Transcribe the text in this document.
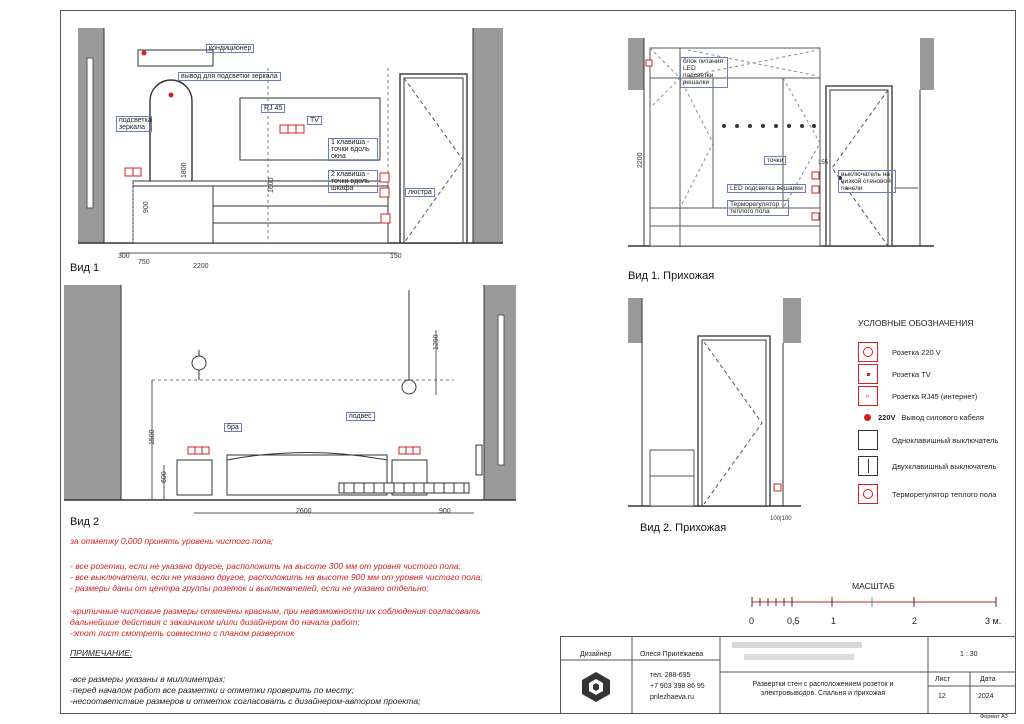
300
750
2200
150
900
1800
1600
кондиционер
вывод для подсветки зеркала
подсветка зеркала
RJ 45
TV
1 клавиша - точки вдоль окна
2 клавиша - точки вдоль шкафа
люстра
Вид 1
1500
600
1290
2600	900
бра
подвес
Вид 2
2200	155
блок питания LED подсветки вешалки
точки
LED подсветка вешалки
Терморегулятор теплого пола
выключатель на низкой стеновой панели
Вид 1. Прихожая
100|100
Вид 2. Прихожая
УСЛОВНЫЕ ОБОЗНАЧЕНИЯ
Розетка 220 V
Розетка TV
▹	Розетка RJ45 (интернет)
220V Вывод силового кабеля
Одноклавишный выключатель
Двухклавишный выключатель
Терморегулятор теплого пола
МАСШТАБ
0	0,5	1	2	3 м.
за отметку 0,000 принять уровень чистого пола;
- все розетки, если не указано другое, расположить на высоте 300 мм от уровня чистого пола;
- все выключатели, если не указано другое, расположить на высоте 900 мм от уровня чистого пола;
- размеры даны от центра группы розеток и выключателей, если не указано отдельно;
-критичные чистовые размеры отмечены красным, при невозможности их соблюдения согласовать
дальнейшие действия с заказчиком и/или дизайнером до начала работ;
-этот лист смотреть совместно с планом разверток
ПРИМЕЧАНИЕ:
-все размеры указаны в миллиметрах;
-перед началом работ все разметки и отметки проверить по месту;
-несоответствие размеров и отметок согласовать с дизайнером-автором проекта;
Дизайнер	Олеся Прилежаева
тел. 288-695
+7 903 398 86 95
prilezhaeva.ru
Развертки стен с расположением розеток и электровыводов. Спальня и прихожая
1 : 30
Лист	Дата
12	2024
Формат А3
